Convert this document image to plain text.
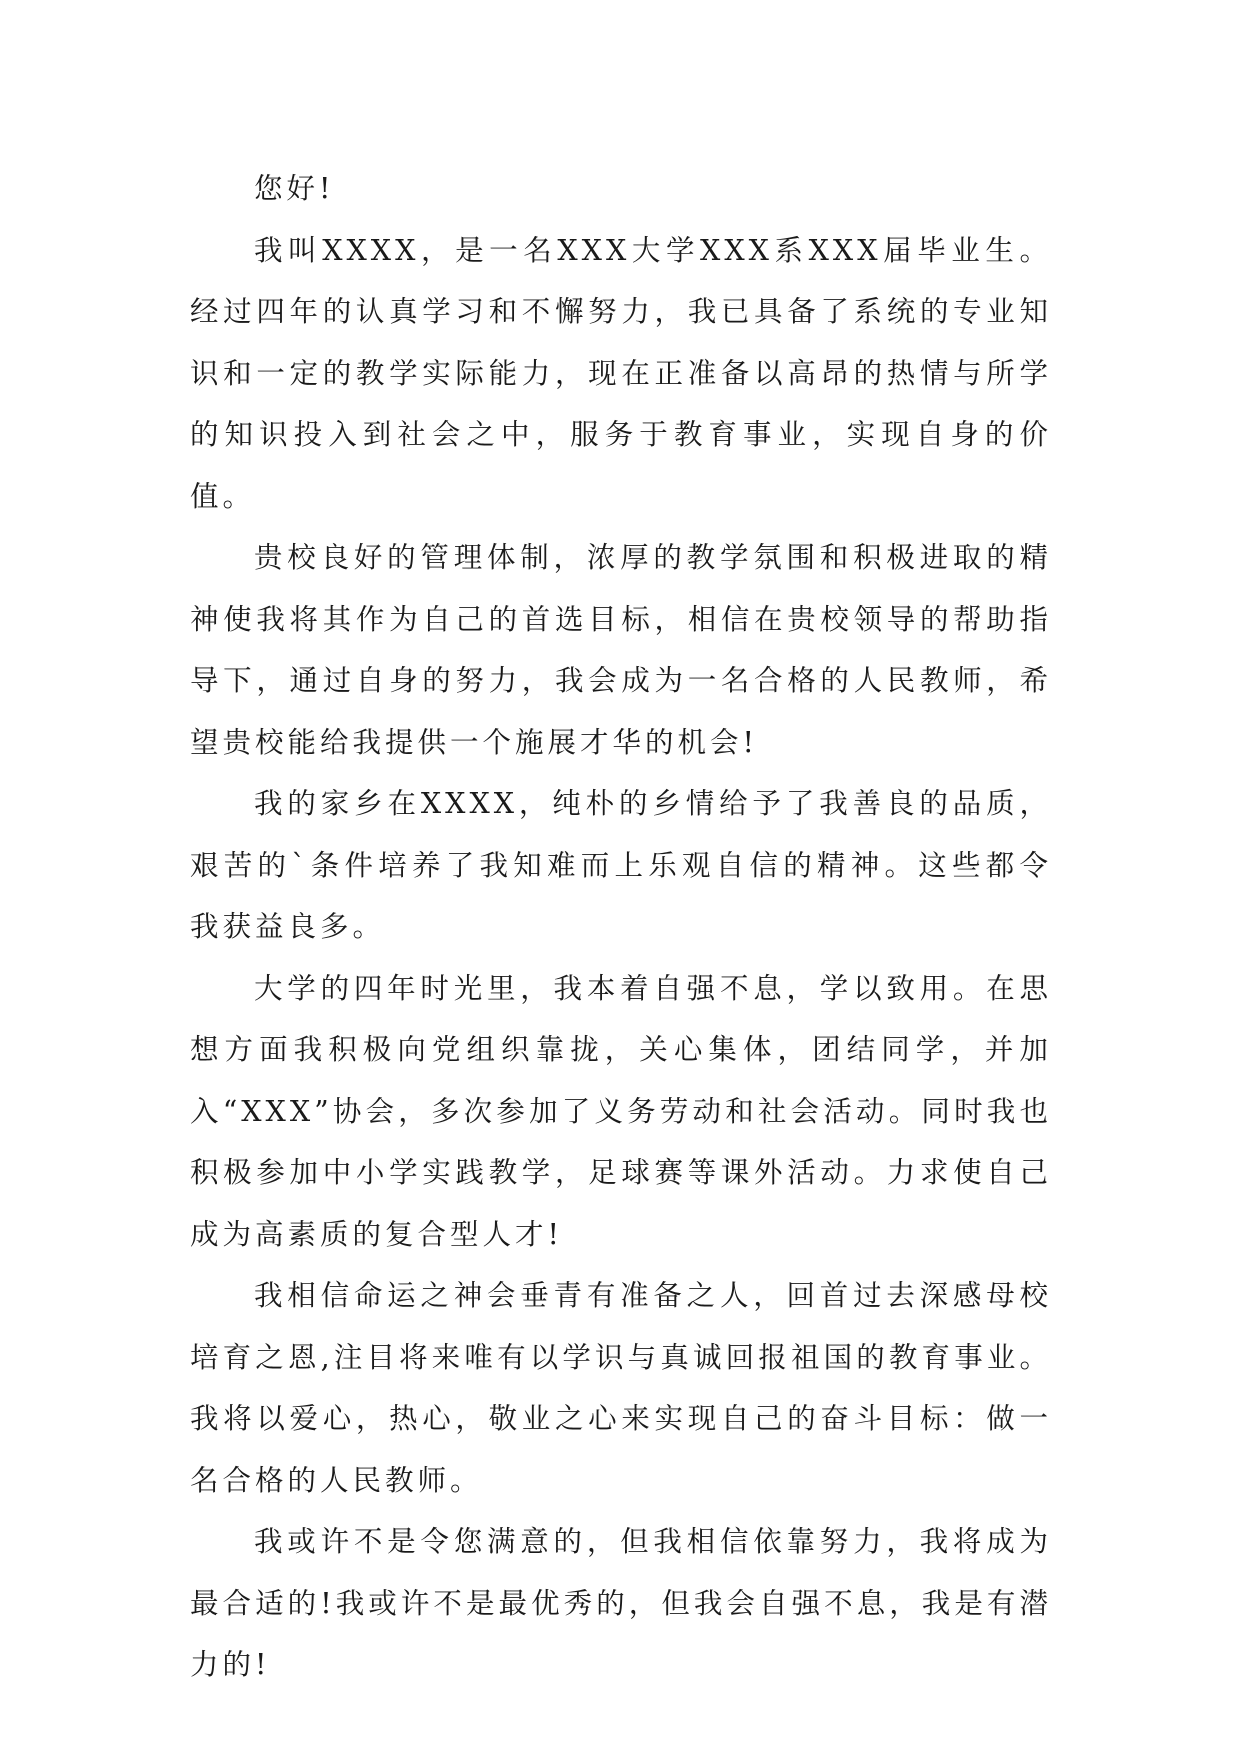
您好!

我叫XXXX，是一名XXX大学XXX系XXX届毕业生。经过四年的认真学习和不懈努力，我已具备了系统的专业知识和一定的教学实际能力，现在正准备以高昂的热情与所学的知识投入到社会之中，服务于教育事业，实现自身的价值。

贵校良好的管理体制，浓厚的教学氛围和积极进取的精神使我将其作为自己的首选目标，相信在贵校领导的帮助指导下，通过自身的努力，我会成为一名合格的人民教师，希望贵校能给我提供一个施展才华的机会!

我的家乡在XXXX，纯朴的乡情给予了我善良的品质，艰苦的`条件培养了我知难而上乐观自信的精神。这些都令我获益良多。

大学的四年时光里，我本着自强不息，学以致用。在思想方面我积极向党组织靠拢，关心集体，团结同学，并加入“XXX”协会，多次参加了义务劳动和社会活动。同时我也积极参加中小学实践教学，足球赛等课外活动。力求使自己成为高素质的复合型人才!

我相信命运之神会垂青有准备之人，回首过去深感母校培育之恩,注目将来唯有以学识与真诚回报祖国的教育事业。我将以爱心，热心，敬业之心来实现自己的奋斗目标：做一名合格的人民教师。

我或许不是令您满意的，但我相信依靠努力，我将成为最合适的!我或许不是最优秀的，但我会自强不息，我是有潜力的!
